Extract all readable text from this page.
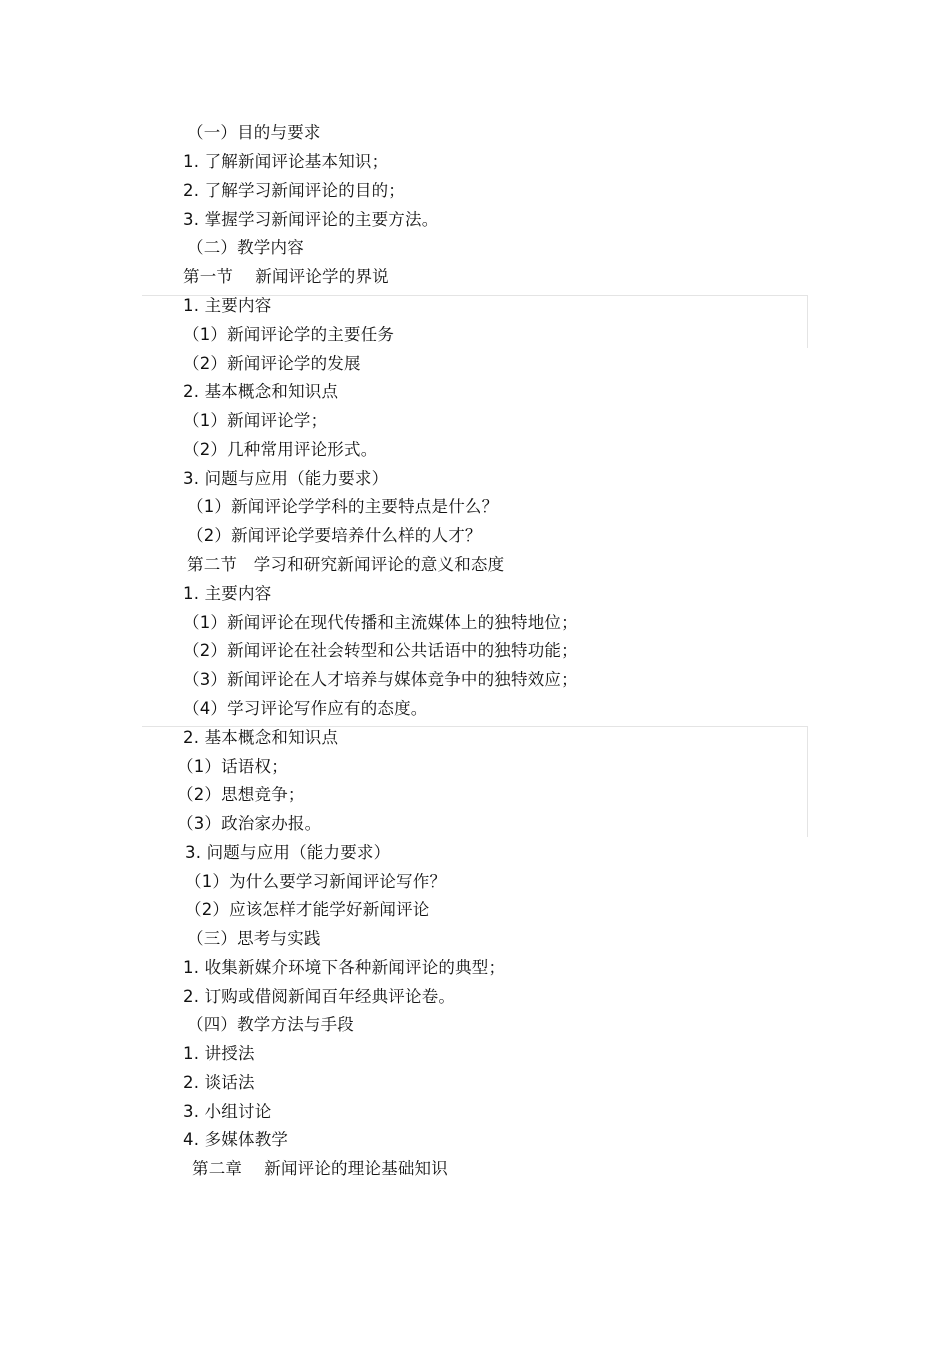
（一）目的与要求
1. 了解新闻评论基本知识；
2. 了解学习新闻评论的目的；
3. 掌握学习新闻评论的主要方法。
（二）教学内容
第一节　 新闻评论学的界说
1. 主要内容
（1）新闻评论学的主要任务
（2）新闻评论学的发展
2. 基本概念和知识点
（1）新闻评论学；
（2）几种常用评论形式。
3. 问题与应用（能力要求）
（1）新闻评论学学科的主要特点是什么？
（2）新闻评论学要培养什么样的人才？
第二节　学习和研究新闻评论的意义和态度
1. 主要内容
（1）新闻评论在现代传播和主流媒体上的独特地位；
（2）新闻评论在社会转型和公共话语中的独特功能；
（3）新闻评论在人才培养与媒体竞争中的独特效应；
（4）学习评论写作应有的态度。
2. 基本概念和知识点
（1）话语权；
（2）思想竞争；
（3）政治家办报。
3. 问题与应用（能力要求）
（1）为什么要学习新闻评论写作？
（2）应该怎样才能学好新闻评论
（三）思考与实践
1. 收集新媒介环境下各种新闻评论的典型；
2. 订购或借阅新闻百年经典评论卷。
（四）教学方法与手段
1. 讲授法
2. 谈话法
3. 小组讨论
4. 多媒体教学
第二章　 新闻评论的理论基础知识
